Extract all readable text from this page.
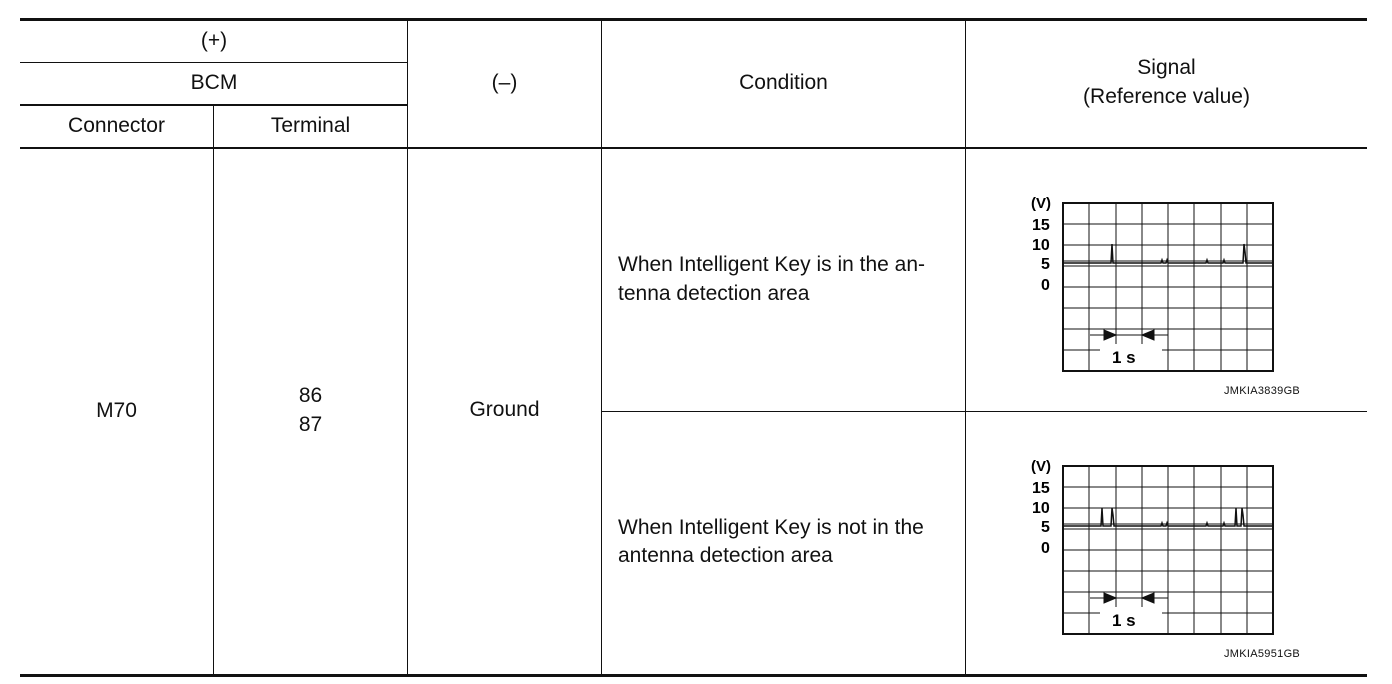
(+)
BCM
Connector	Terminal
(–)	Condition
Signal
(Reference value)
M70
86
87
Ground
When Intelligent Key is in the an-
tenna detection area
When Intelligent Key is not in the
antenna detection area
(V)
15
10
5
0
1 s
JMKIA3839GB
(V)
15
10
5
0
1 s
JMKIA5951GB
